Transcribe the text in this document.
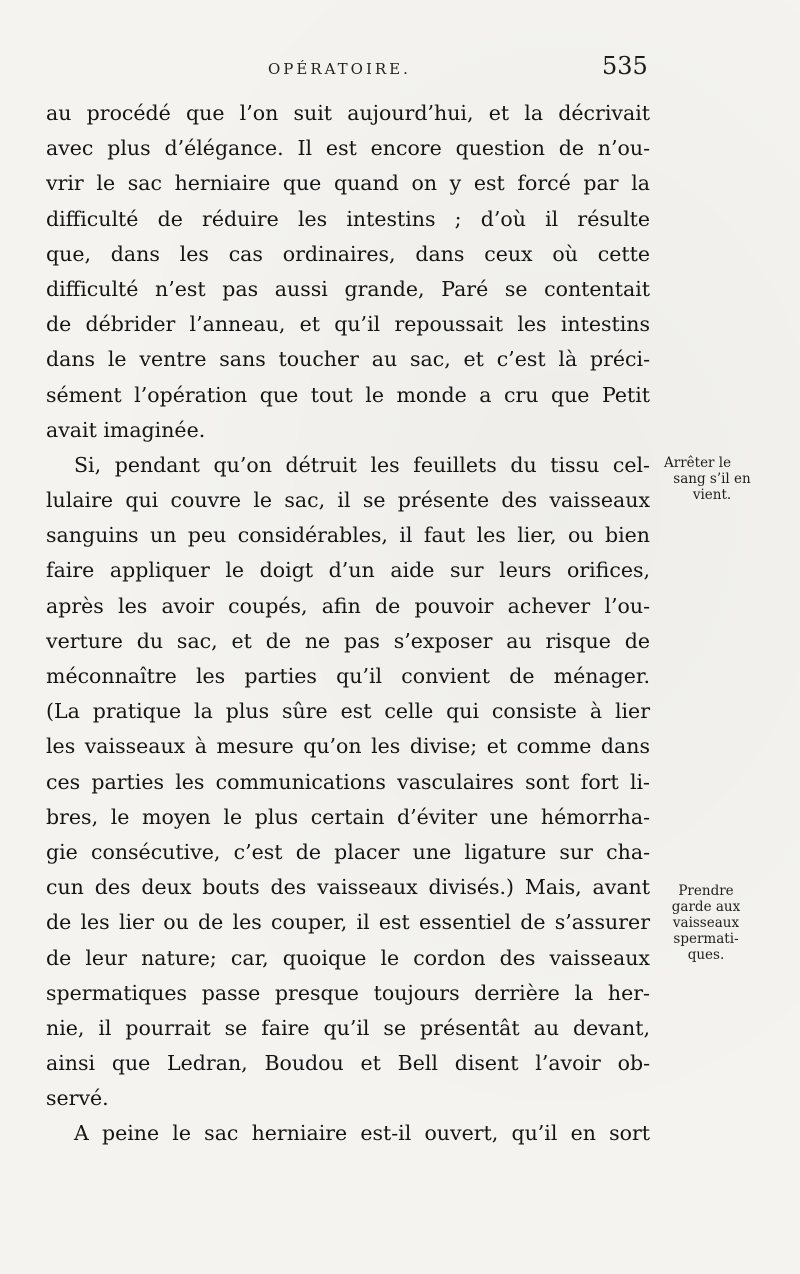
OPÉRATOIRE.	535
au procédé que l’on suit aujourd’hui, et la décrivait
avec plus d’élégance. Il est encore question de n’ou-
vrir le sac herniaire que quand on y est forcé par la
difficulté de réduire les intestins ; d’où il résulte
que, dans les cas ordinaires, dans ceux où cette
difficulté n’est pas aussi grande, Paré se contentait
de débrider l’anneau, et qu’il repoussait les intestins
dans le ventre sans toucher au sac, et c’est là préci-
sément l’opération que tout le monde a cru que Petit
avait imaginée.
Si, pendant qu’on détruit les feuillets du tissu cel-
lulaire qui couvre le sac, il se présente des vaisseaux
sanguins un peu considérables, il faut les lier, ou bien
faire appliquer le doigt d’un aide sur leurs orifices,
après les avoir coupés, afin de pouvoir achever l’ou-
verture du sac, et de ne pas s’exposer au risque de
méconnaître les parties qu’il convient de ménager.
(La pratique la plus sûre est celle qui consiste à lier
les vaisseaux à mesure qu’on les divise; et comme dans
ces parties les communications vasculaires sont fort li-
bres, le moyen le plus certain d’éviter une hémorrha-
gie consécutive, c’est de placer une ligature sur cha-
cun des deux bouts des vaisseaux divisés.) Mais, avant
de les lier ou de les couper, il est essentiel de s’assurer
de leur nature; car, quoique le cordon des vaisseaux
spermatiques passe presque toujours derrière la her-
nie, il pourrait se faire qu’il se présentât au devant,
ainsi que Ledran, Boudou et Bell disent l’avoir ob-
servé.
A peine le sac herniaire est-il ouvert, qu’il en sort
Arrêter le
sang s’il en
vient.
Prendre
garde aux
vaisseaux
spermati-
ques.
